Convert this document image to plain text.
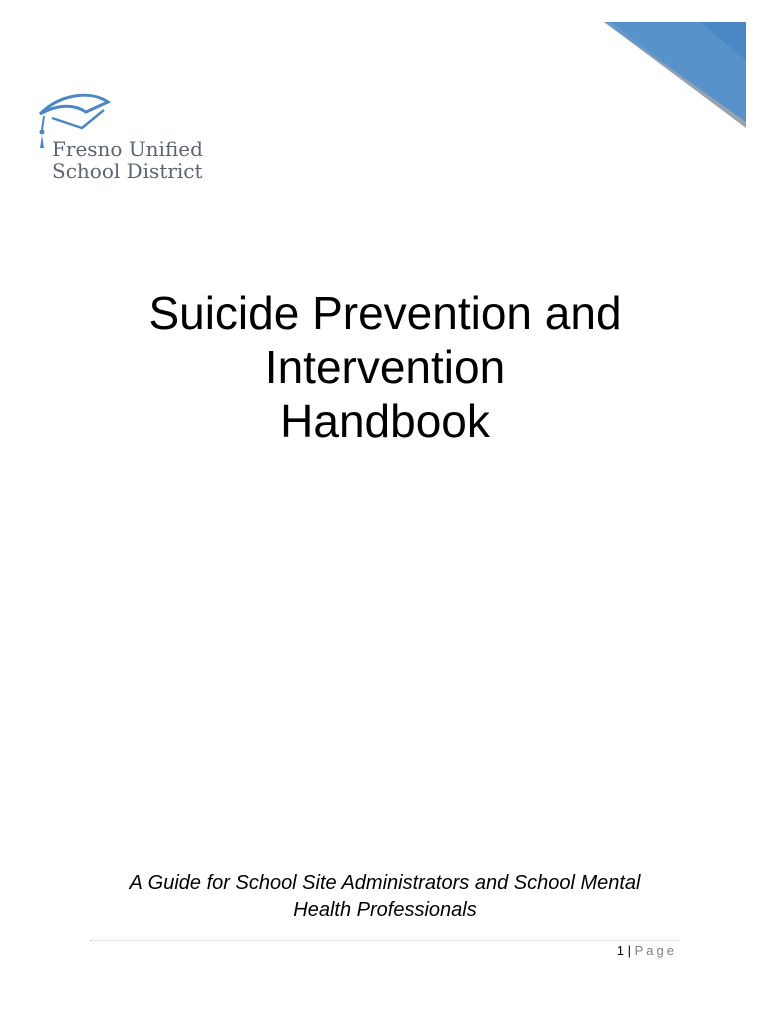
Fresno Unified
School District
Suicide Prevention and
Intervention
Handbook
A Guide for School Site Administrators and School Mental
Health Professionals
1 | Page
